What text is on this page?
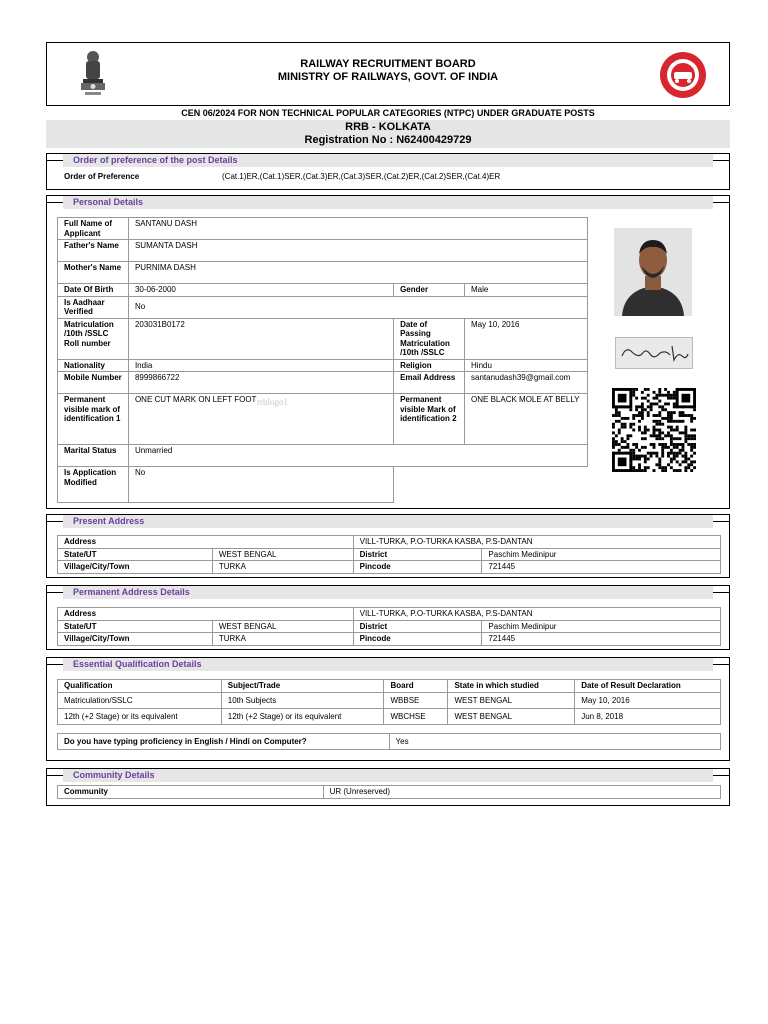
RAILWAY RECRUITMENT BOARD
MINISTRY OF RAILWAYS, GOVT. OF INDIA
CEN 06/2024 FOR NON TECHNICAL POPULAR CATEGORIES (NTPC) UNDER GRADUATE POSTS
RRB - KOLKATA
Registration No : N62400429729
Order of preference of the post Details
Order of Preference	(Cat.1)ER,(Cat.1)SER,(Cat.3)ER,(Cat.3)SER,(Cat.2)ER,(Cat.2)SER,(Cat.4)ER
Personal Details
Full Name of Applicant	SANTANU DASH		
Father's Name	SUMANTA DASH		
Mother's Name	PURNIMA DASH		
Date Of Birth	30-06-2000	Gender	Male
Is Aadhaar Verified	No		
Matriculation /10th /SSLC Roll number	203031B0172	Date of Passing Matriculation /10th /SSLC	May 10, 2016
Nationality	India	Religion	Hindu
Mobile Number	8999866722	Email Address	santanudash39@gmail.com
Permanent visible mark of identification 1	ONE CUT MARK ON LEFT FOOT rrblogo1	Permanent visible Mark of identification 2	ONE BLACK MOLE AT BELLY
Marital Status	Unmarried		
Is Application Modified	No		
Present Address
Address		VILL-TURKA, P.O-TURKA KASBA, P.S-DANTAN	
State/UT	WEST BENGAL	District	Paschim Medinipur
Village/City/Town	TURKA	Pincode	721445
Permanent Address Details
Address		VILL-TURKA, P.O-TURKA KASBA, P.S-DANTAN	
State/UT	WEST BENGAL	District	Paschim Medinipur
Village/City/Town	TURKA	Pincode	721445
Essential Qualification Details
Qualification	Subject/Trade	Board	State in which studied	Date of Result Declaration
Matriculation/SSLC	10th Subjects	WBBSE	WEST BENGAL	May 10, 2016
12th (+2 Stage) or its equivalent	12th (+2 Stage) or its equivalent	WBCHSE	WEST BENGAL	Jun 8, 2018
Do you have typing proficiency in English / Hindi on Computer?	Yes
Community Details
Community	UR (Unreserved)
